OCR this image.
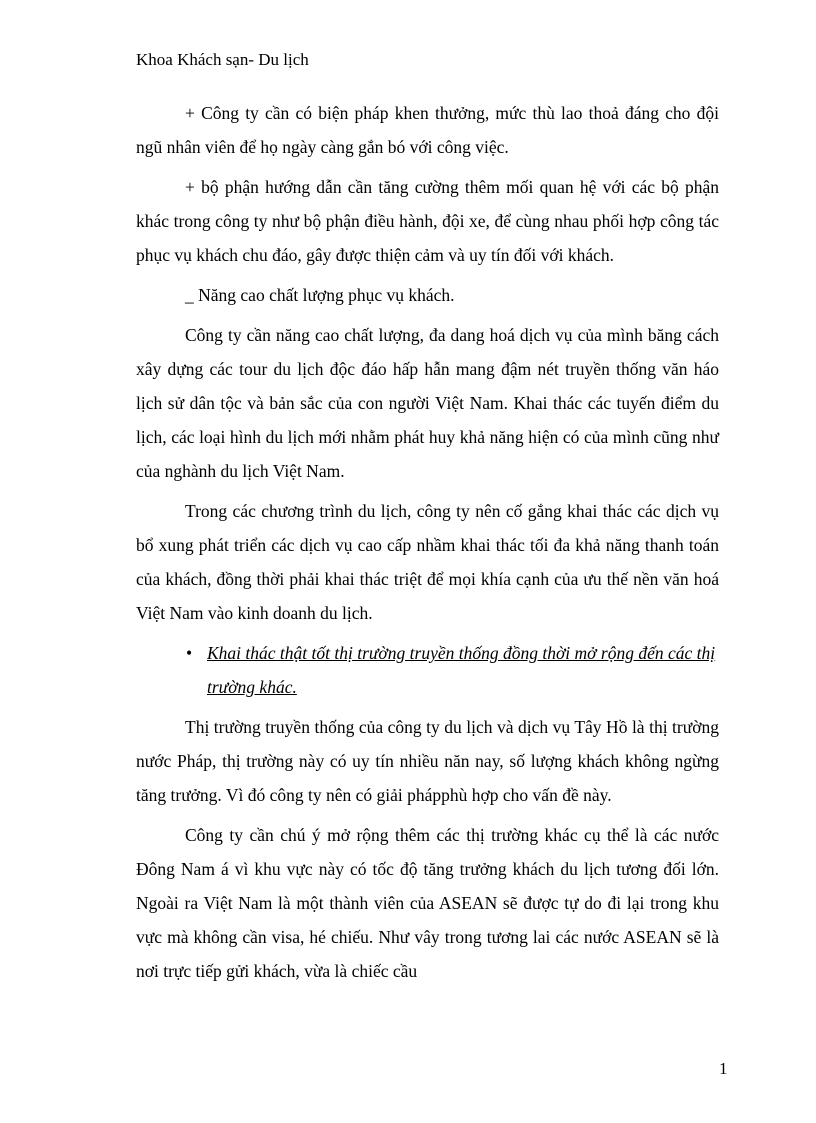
Khoa Khách sạn- Du lịch

+ Công ty cần có biện pháp khen thưởng, mức thù lao thoả đáng cho đội ngũ nhân viên để họ ngày càng gắn bó với công việc.

+ bộ phận hướng dẫn cần tăng cường thêm mối quan hệ với các bộ phận khác trong công ty như bộ phận điều hành, đội xe, để cùng nhau phối hợp công tác phục vụ khách chu đáo, gây được thiện cảm và uy tín đối với khách.

_ Năng cao chất lượng phục vụ khách.

Công ty cần năng cao chất lượng, đa dang hoá dịch vụ của mình băng cách xây dựng các tour du lịch độc đáo hấp hẫn mang đậm nét truyền thống văn háo lịch sử dân tộc và bản sắc của con người Việt Nam. Khai thác các tuyến điểm du lịch, các loại hình du lịch mới nhằm phát huy khả năng hiện có của mình cũng như của nghành du lịch Việt Nam.

Trong các chương trình du lịch, công ty nên cố gắng khai thác các dịch vụ bổ xung phát triển các dịch vụ cao cấp nhầm khai thác tối đa khả năng thanh toán của khách, đồng thời phải khai thác triệt để mọi khía cạnh của ưu thế nền văn hoá Việt Nam vào kinh doanh du lịch.

• Khai thác thật tốt thị trường truyền thống đồng thời mở rộng đến các thị trường khác.

Thị trường truyền thống của công ty du lịch và dịch vụ Tây Hồ là thị trường nước Pháp, thị trường này có uy tín nhiều năn nay, số lượng khách không ngừng tăng trưởng. Vì đó công ty nên có giải phápphù hợp cho vấn đề này.

Công ty cần chú ý mở rộng thêm các thị trường khác cụ thể là các nước Đông Nam á vì khu vực này có tốc độ tăng trưởng khách du lịch tương đối lớn. Ngoài ra Việt Nam là một thành viên của ASEAN sẽ được tự do đi lại trong khu vực mà không cần visa, hé chiếu. Như vây trong tương lai các nước ASEAN sẽ là nơi trực tiếp gửi khách, vừa là chiếc cầu

1
